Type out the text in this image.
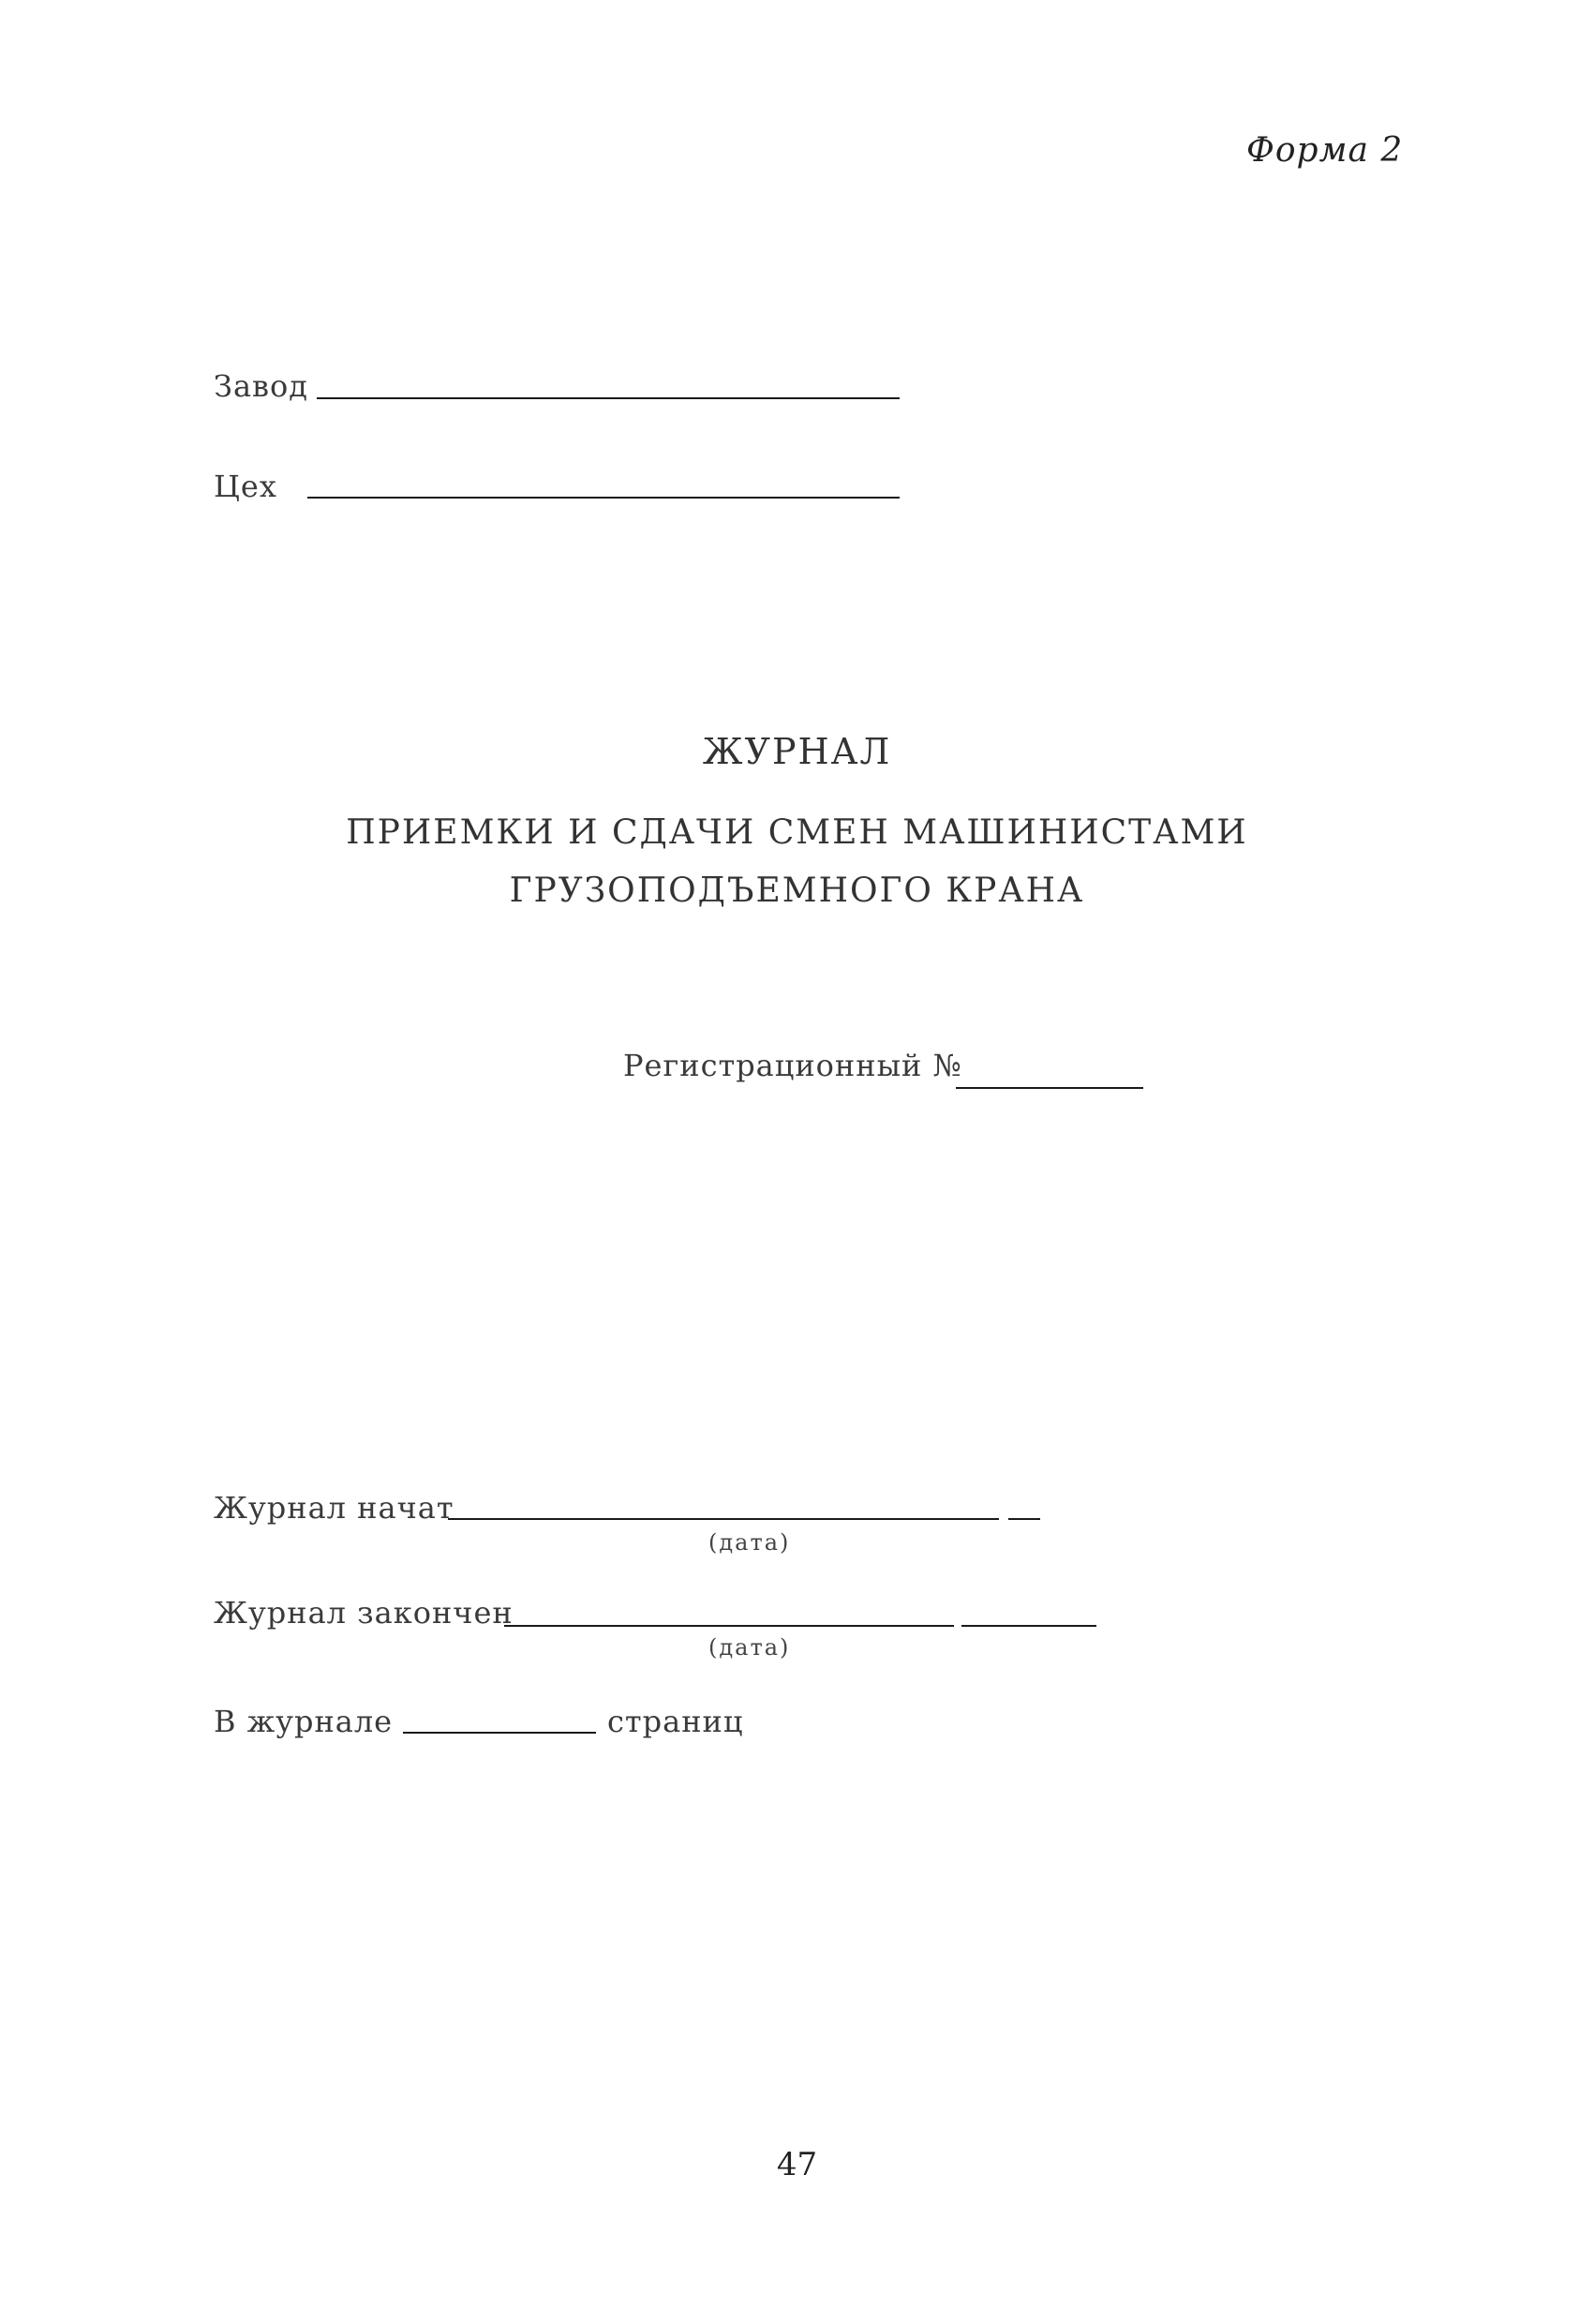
Форма 2
Завод
Цех
ЖУРНАЛ
ПРИЕМКИ И СДАЧИ СМЕН МАШИНИСТАМИ
ГРУЗОПОДЪЕМНОГО КРАНА
Регистрационный №
Журнал начат
(дата)
Журнал закончен
(дата)
В журнале	страниц
47
